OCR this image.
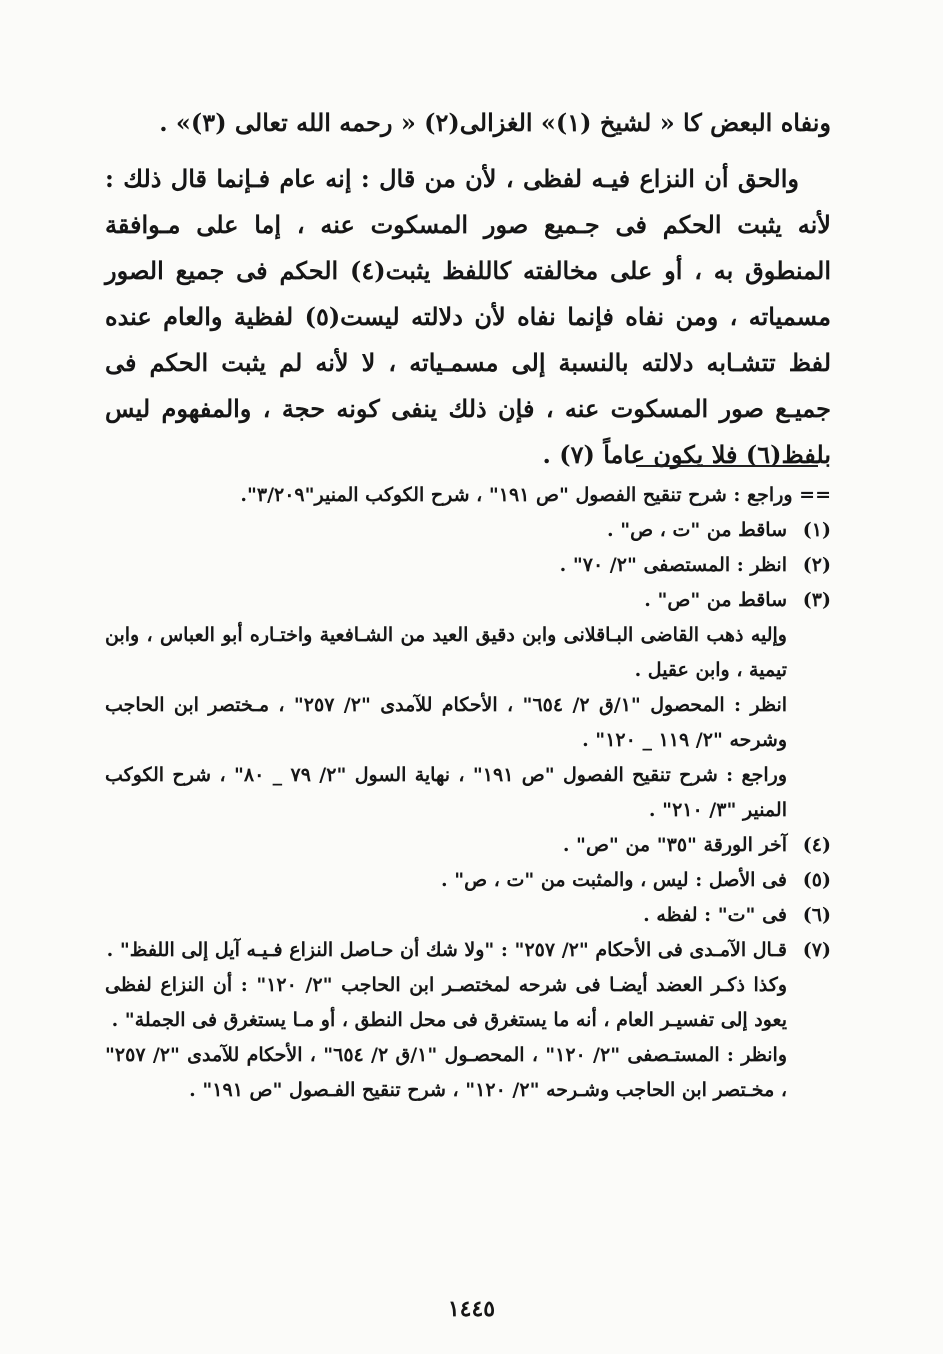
ونفاه البعض كا « لشيخ (١)» الغزالى(٢) « رحمه الله تعالى (٣)» .

والحق أن النزاع فيـه لفظى ، لأن من قال : إنه عام فـإنما قال ذلك : لأنه يثبت الحكم فى جـميع صور المسكوت عنه ، إما على مـوافقة المنطوق به ، أو على مخالفته كاللفظ يثبت(٤) الحكم فى جميع الصور مسمياته ، ومن نفاه فإنما نفاه لأن دلالته ليست(٥) لفظية والعام عنده لفظ تتشـابه دلالته بالنسبة إلى مسمـياته ، لا لأنه لم يثبت الحكم فى جميـع صور المسكوت عنه ، فإن ذلك ينفى كونه حجة ، والمفهوم ليس بلفظ(٦) فلا يكون عاماً (٧) .

== وراجع : شرح تنقيح الفصول "ص ١٩١" ، شرح الكوكب المنير"٣/٢٠٩".
(١)
ساقط من "ت ، ص" .
(٢)
انظر : المستصفى "٢/ ٧٠" .
(٣)
ساقط من "ص" .
وإليه ذهب القاضى البـاقلانى وابن دقيق العيد من الشـافعية واختـاره أبو العباس ، وابن تيمية ، وابن عقيل .
انظر : المحصول "١/ق ٢/ ٦٥٤" ، الأحكام للآمدى "٢/ ٢٥٧" ، مـختصر ابن الحاجب وشرحه "٢/ ١١٩ _ ١٢٠" .
وراجع : شرح تنقيح الفصول "ص ١٩١" ، نهاية السول "٢/ ٧٩ _ ٨٠" ، شرح الكوكب المنير "٣/ ٢١٠" .
(٤)
آخر الورقة "٣٥" من "ص" .
(٥)
فى الأصل : ليس ، والمثبت من "ت ، ص" .
(٦)
فى "ت" : لفظه .
(٧)
قـال الآمـدى فى الأحكام "٢/ ٢٥٧" : "ولا شك أن حـاصل النزاع فـيـه آيل إلى اللفظ" .
وكذا ذكـر العضد أيضـا فى شرحه لمختصـر ابن الحاجب "٢/ ١٢٠" : أن النزاع لفظى يعود إلى تفسيـر العام ، أنه ما يستغرق فى محل النطق ، أو مـا يستغرق فى الجملة" .
وانظر : المستـصفى "٢/ ١٢٠" ، المحصـول "١/ق ٢/ ٦٥٤" ، الأحكام للآمدى "٢/ ٢٥٧" ، مخـتصر ابن الحاجب وشـرحه "٢/ ١٢٠" ، شرح تنقيح الفـصول "ص ١٩١" .
١٤٤٥
